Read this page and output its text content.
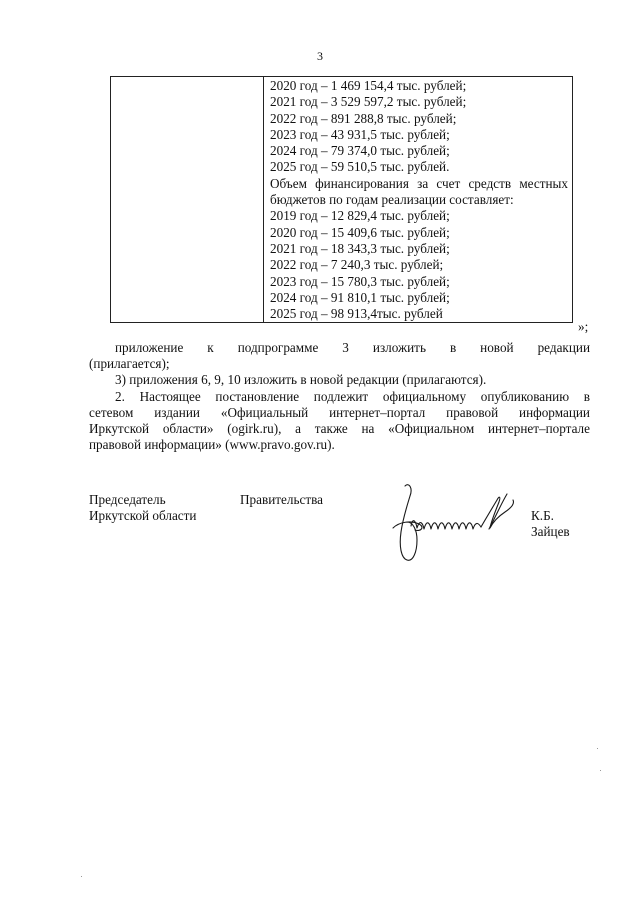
3

2020 год – 1 469 154,4 тыс. рублей;
2021 год – 3 529 597,2 тыс. рублей;
2022 год – 891 288,8 тыс. рублей;
2023 год – 43 931,5 тыс. рублей;
2024 год – 79 374,0 тыс. рублей;
2025 год – 59 510,5 тыс. рублей.
Объем финансирования за счет средств местных бюджетов по годам реализации составляет:
2019 год – 12 829,4 тыс. рублей;
2020 год – 15 409,6 тыс. рублей;
2021 год – 18 343,3 тыс. рублей;
2022 год – 7 240,3 тыс. рублей;
2023 год – 15 780,3 тыс. рублей;
2024 год – 91 810,1 тыс. рублей;
2025 год – 98 913,4тыс. рублей
»;
приложение к подпрограмме 3 изложить в новой редакции
(прилагается);
3) приложения 6, 9, 10 изложить в новой редакции (прилагаются).
2. Настоящее постановление подлежит официальному опубликованию в
сетевом издании «Официальный интернет–портал правовой информации
Иркутской области» (ogirk.ru), а также на «Официальном интернет–портале
правовой информации» (www.pravo.gov.ru).
Председатель	Правительства
Иркутской области	К.Б. Зайцев
